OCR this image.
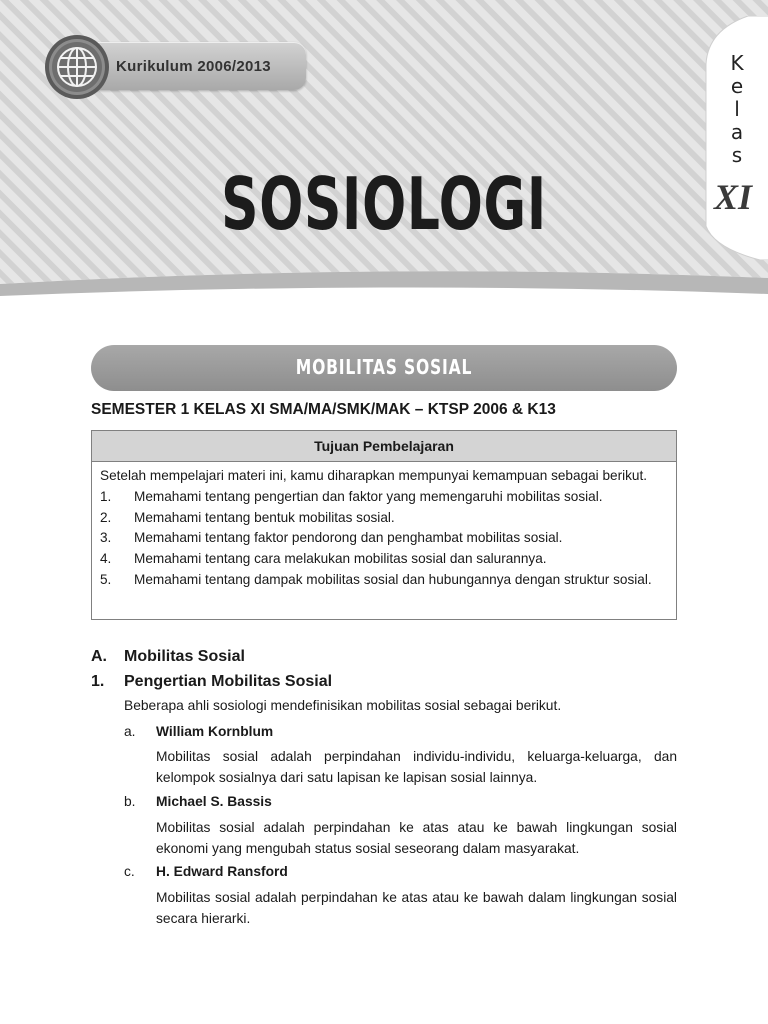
Kurikulum 2006/2013
SOSIOLOGI
K
e
l
a
s
XI
MOBILITAS SOSIAL
SEMESTER 1 KELAS XI SMA/MA/SMK/MAK – KTSP 2006 & K13
Tujuan Pembelajaran
Setelah mempelajari materi ini, kamu diharapkan mempunyai kemampuan sebagai berikut.
1.	Memahami tentang pengertian dan faktor yang memengaruhi mobilitas sosial.
2.	Memahami tentang bentuk mobilitas sosial.
3.	Memahami tentang faktor pendorong dan penghambat mobilitas sosial.
4.	Memahami tentang cara melakukan mobilitas sosial dan salurannya.
5.	Memahami tentang dampak mobilitas sosial dan hubungannya dengan struktur sosial.
A. Mobilitas Sosial
1. Pengertian Mobilitas Sosial
Beberapa ahli sosiologi mendefinisikan mobilitas sosial sebagai berikut.
a.	William Kornblum
Mobilitas sosial adalah perpindahan individu-individu, keluarga-keluarga, dan kelompok sosialnya dari satu lapisan ke lapisan sosial lainnya.
b.	Michael S. Bassis
Mobilitas sosial adalah perpindahan ke atas atau ke bawah lingkungan sosial ekonomi yang mengubah status sosial seseorang dalam masyarakat.
c.	H. Edward Ransford
Mobilitas sosial adalah perpindahan ke atas atau ke bawah dalam lingkungan sosial secara hierarki.
